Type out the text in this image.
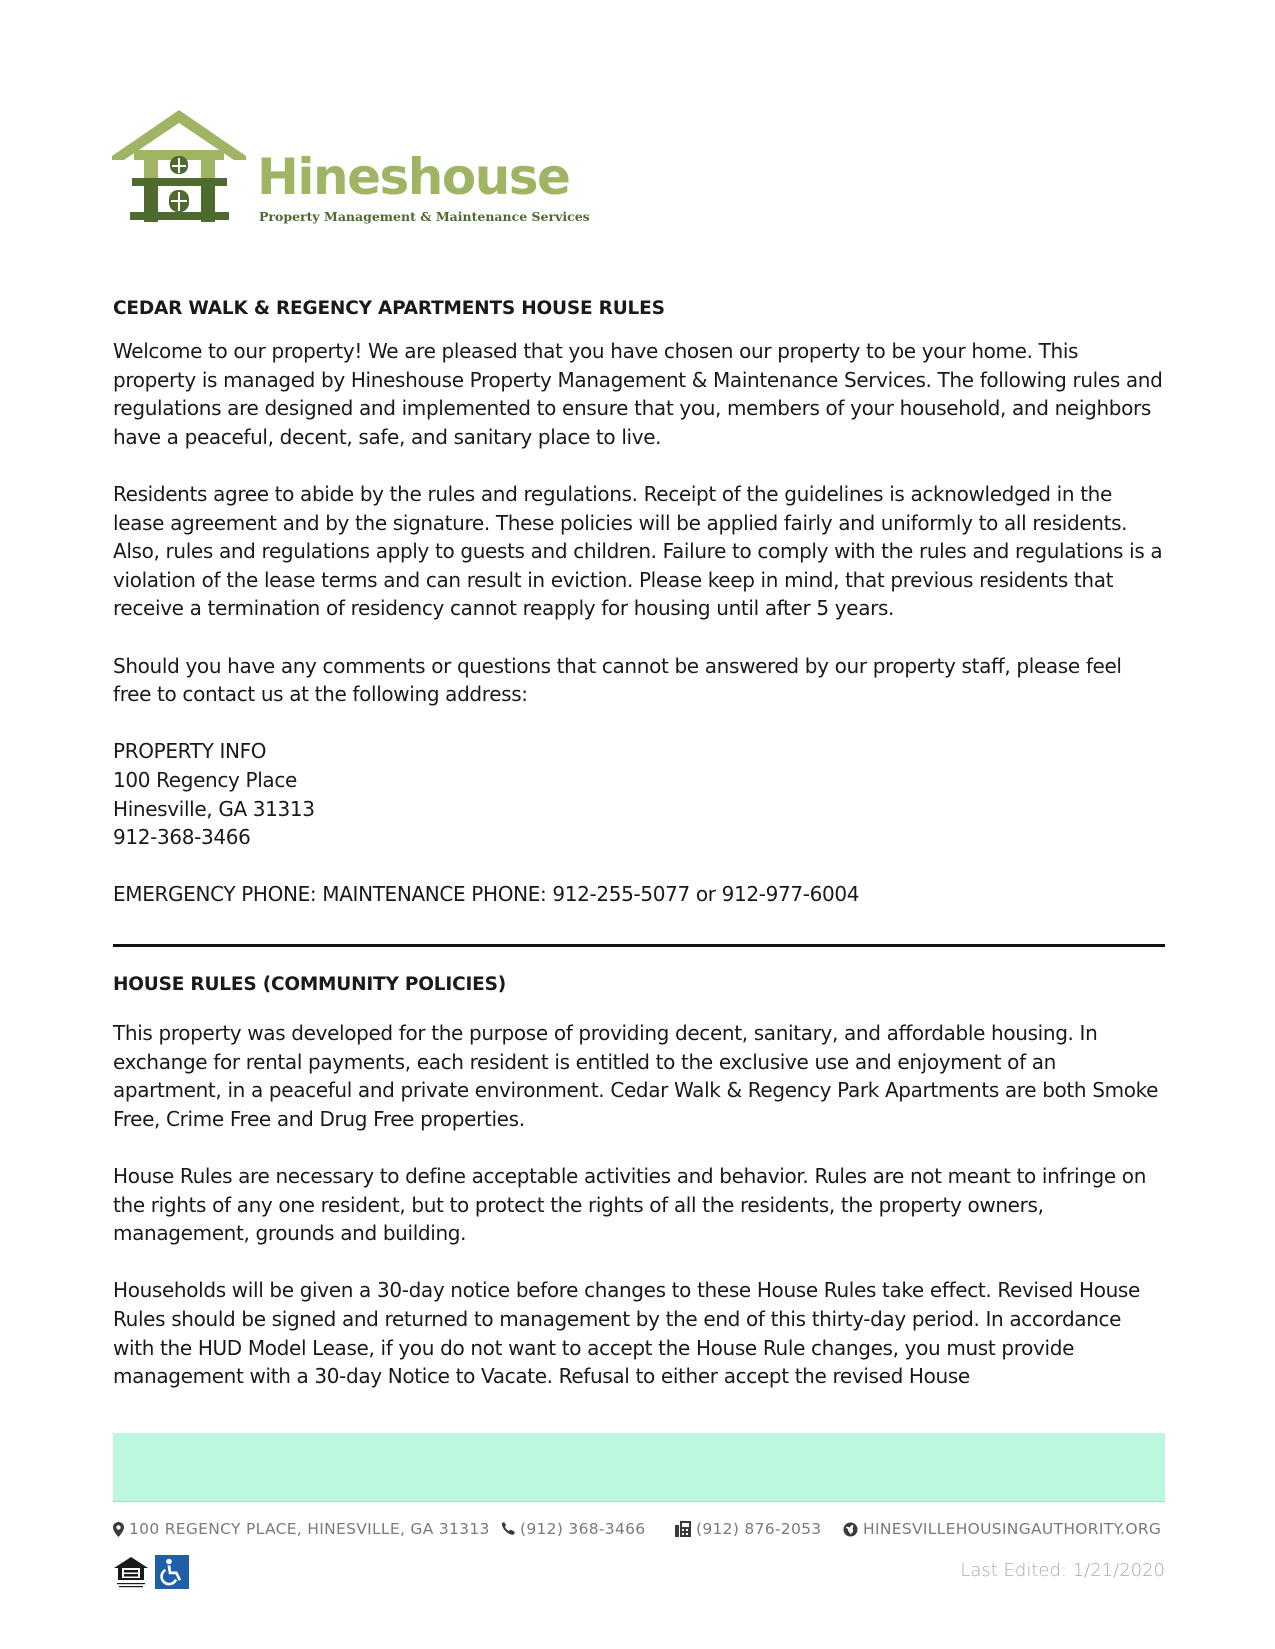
Hineshouse
Property Management & Maintenance Services
CEDAR WALK & REGENCY APARTMENTS HOUSE RULES

Welcome to our property! We are pleased that you have chosen our property to be your home. This property is managed by Hineshouse Property Management & Maintenance Services. The following rules and regulations are designed and implemented to ensure that you, members of your household, and neighbors have a peaceful, decent, safe, and sanitary place to live.

Residents agree to abide by the rules and regulations. Receipt of the guidelines is acknowledged in the lease agreement and by the signature. These policies will be applied fairly and uniformly to all residents. Also, rules and regulations apply to guests and children. Failure to comply with the rules and regulations is a violation of the lease terms and can result in eviction. Please keep in mind, that previous residents that receive a termination of residency cannot reapply for housing until after 5 years.

Should you have any comments or questions that cannot be answered by our property staff, please feel free to contact us at the following address:

PROPERTY INFO

100 Regency Place

Hinesville, GA 31313

912-368-3466

EMERGENCY PHONE: MAINTENANCE PHONE: 912-255-5077 or 912-977-6004

HOUSE RULES (COMMUNITY POLICIES)

This property was developed for the purpose of providing decent, sanitary, and affordable housing. In exchange for rental payments, each resident is entitled to the exclusive use and enjoyment of an apartment, in a peaceful and private environment. Cedar Walk & Regency Park Apartments are both Smoke Free, Crime Free and Drug Free properties.

House Rules are necessary to define acceptable activities and behavior. Rules are not meant to infringe on the rights of any one resident, but to protect the rights of all the residents, the property owners, management, grounds and building.

Households will be given a 30-day notice before changes to these House Rules take effect. Revised House Rules should be signed and returned to management by the end of this thirty-day period. In accordance with the HUD Model Lease, if you do not want to accept the House Rule changes, you must provide management with a 30-day Notice to Vacate. Refusal to either accept the revised House

100 REGENCY PLACE, HINESVILLE, GA 31313 (912) 368-3466	(912) 876-2053	HINESVILLEHOUSINGAUTHORITY.ORG
Last Edited: 1/21/2020
